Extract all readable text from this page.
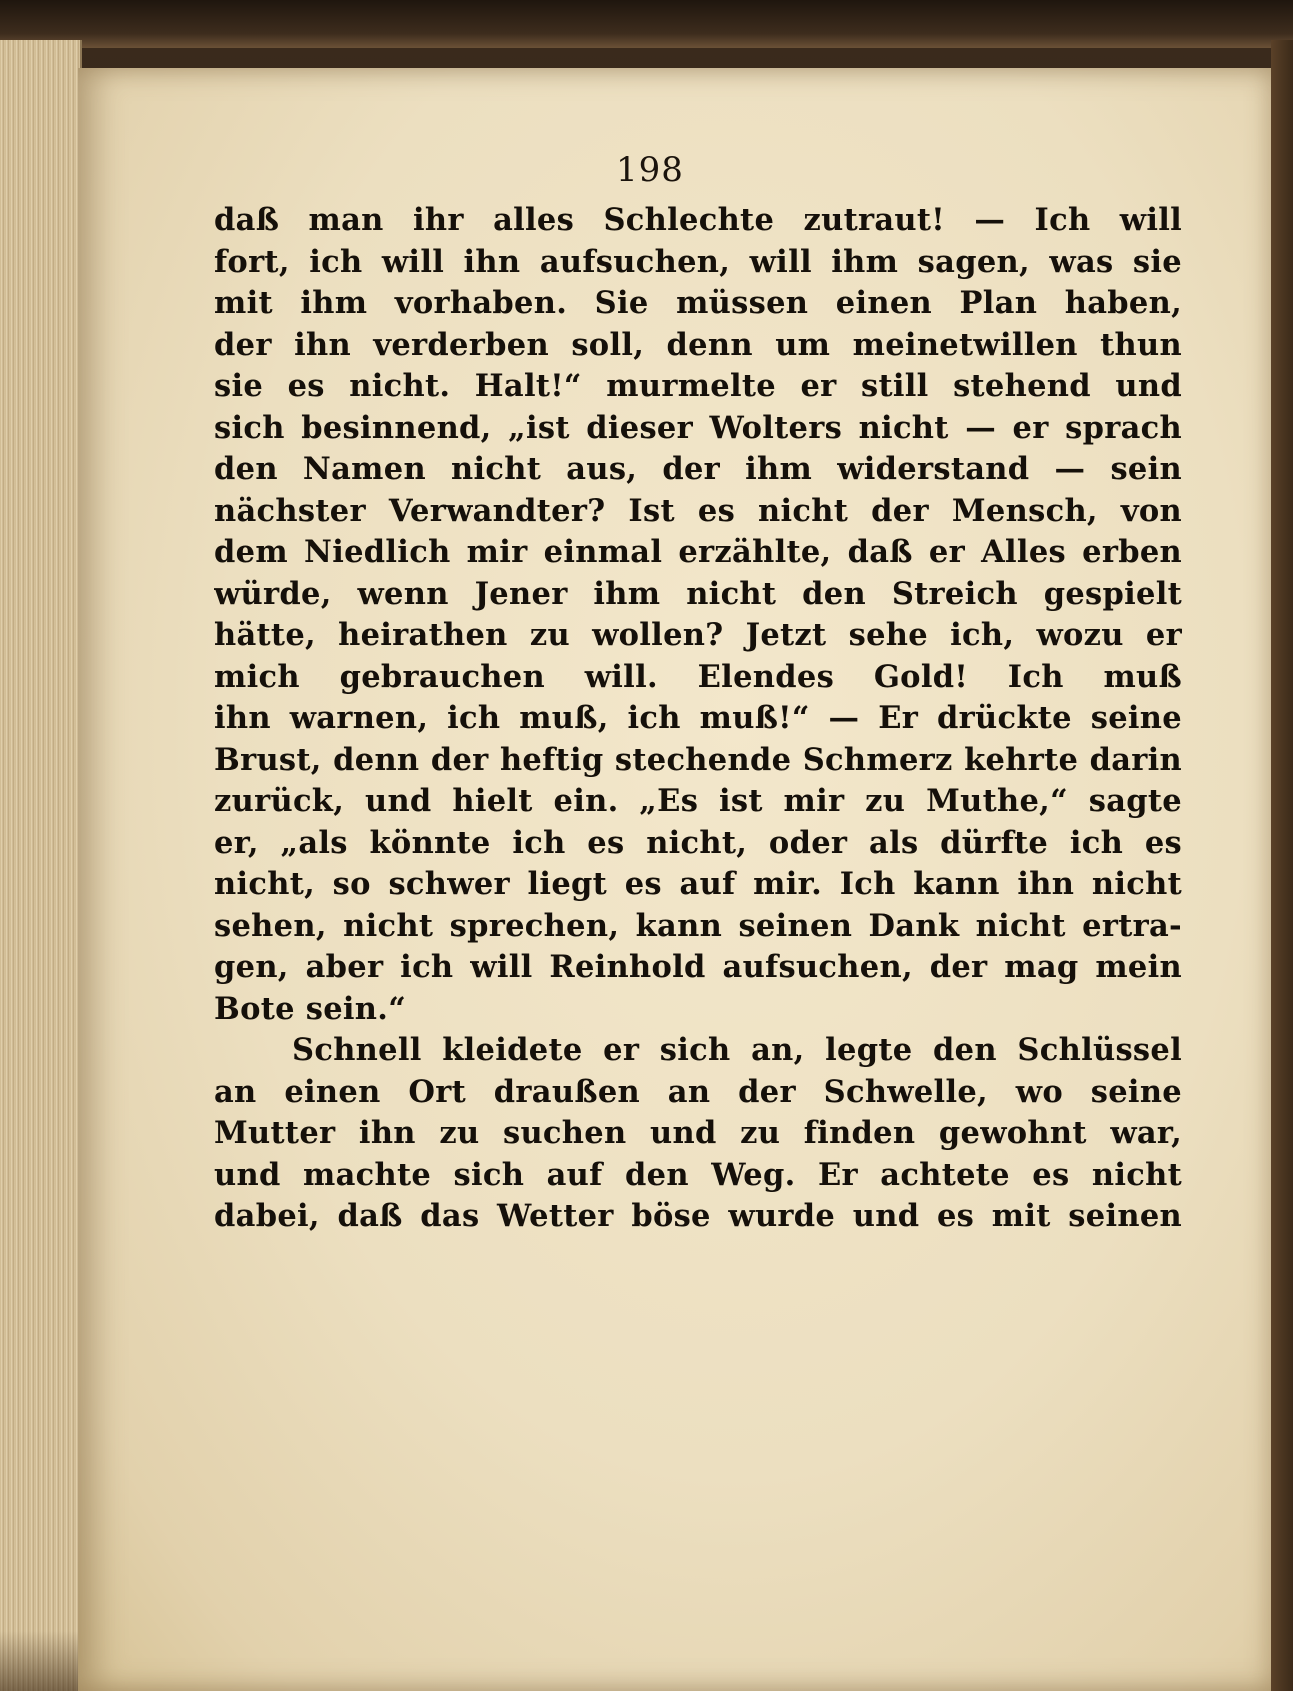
198
daß man ihr alles Schlechte zutraut! — Ich will
fort, ich will ihn aufsuchen, will ihm sagen, was sie
mit ihm vorhaben. Sie müssen einen Plan haben,
der ihn verderben soll, denn um meinetwillen thun
sie es nicht. Halt!“ murmelte er still stehend und
sich besinnend, „ist dieser Wolters nicht — er sprach
den Namen nicht aus, der ihm widerstand — sein
nächster Verwandter? Ist es nicht der Mensch, von
dem Niedlich mir einmal erzählte, daß er Alles erben
würde, wenn Jener ihm nicht den Streich gespielt
hätte, heirathen zu wollen? Jetzt sehe ich, wozu er
mich gebrauchen will. Elendes Gold! Ich muß
ihn warnen, ich muß, ich muß!“ — Er drückte seine
Brust, denn der heftig stechende Schmerz kehrte darin
zurück, und hielt ein. „Es ist mir zu Muthe,“ sagte
er, „als könnte ich es nicht, oder als dürfte ich es
nicht, so schwer liegt es auf mir. Ich kann ihn nicht
sehen, nicht sprechen, kann seinen Dank nicht ertra-
gen, aber ich will Reinhold aufsuchen, der mag mein
Bote sein.“
Schnell kleidete er sich an, legte den Schlüssel
an einen Ort draußen an der Schwelle, wo seine
Mutter ihn zu suchen und zu finden gewohnt war,
und machte sich auf den Weg. Er achtete es nicht
dabei, daß das Wetter böse wurde und es mit seinen
